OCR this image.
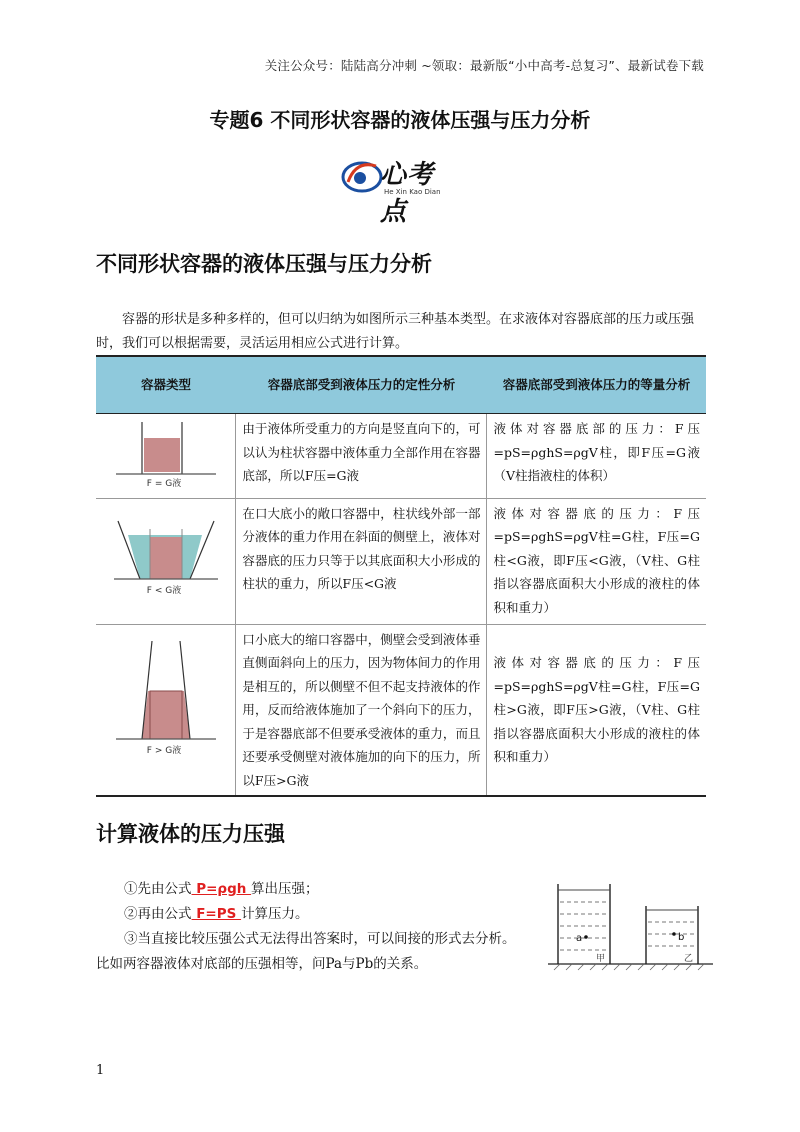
关注公众号：陆陆高分冲刺 ~领取：最新版“小中高考-总复习”、最新试卷下载
专题6 不同形状容器的液体压强与压力分析
心考点
He Xin Kao Dian
不同形状容器的液体压强与压力分析
容器的形状是多种多样的，但可以归纳为如图所示三种基本类型。在求液体对容器底部的压力或压强时，我们可以根据需要，灵活运用相应公式进行计算。
容器类型	容器底部受到液体压力的定性分析	容器底部受到液体压力的等量分析

F = G液	由于液体所受重力的方向是竖直向下的，可以认为柱状容器中液体重力全部作用在容器底部，所以F压=G液	液体对容器底部的压力：F压=pS=ρghS=ρgV柱，即F压=G液（V柱指液柱的体积）

F < G液	在口大底小的敞口容器中，柱状线外部一部分液体的重力作用在斜面的侧壁上，液体对容器底的压力只等于以其底面积大小形成的柱状的重力，所以F压<G液	液体对容器底的压力：F压=pS=ρghS=ρgV柱=G柱，F压=G柱<G液，即F压<G液，（V柱、G柱指以容器底面积大小形成的液柱的体积和重力）

F > G液	口小底大的缩口容器中，侧壁会受到液体垂直侧面斜向上的压力，因为物体间力的作用是相互的，所以侧壁不但不起支持液体的作用，反而给液体施加了一个斜向下的压力，于是容器底部不但要承受液体的重力，而且还要承受侧壁对液体施加的向下的压力，所以F压>G液	液体对容器底的压力：F压=pS=ρghS=ρgV柱=G柱，F压=G柱>G液，即F压>G液，（V柱、G柱指以容器底面积大小形成的液柱的体积和重力）
计算液体的压力压强
①先由公式 P=ρgh 算出压强；
②再由公式 F=PS 计算压力。
③当直接比较压强公式无法得出答案时，可以间接的形式去分析。
比如两容器液体对底部的压强相等，问Pa与Pb的关系。
a
甲
b
乙
1
